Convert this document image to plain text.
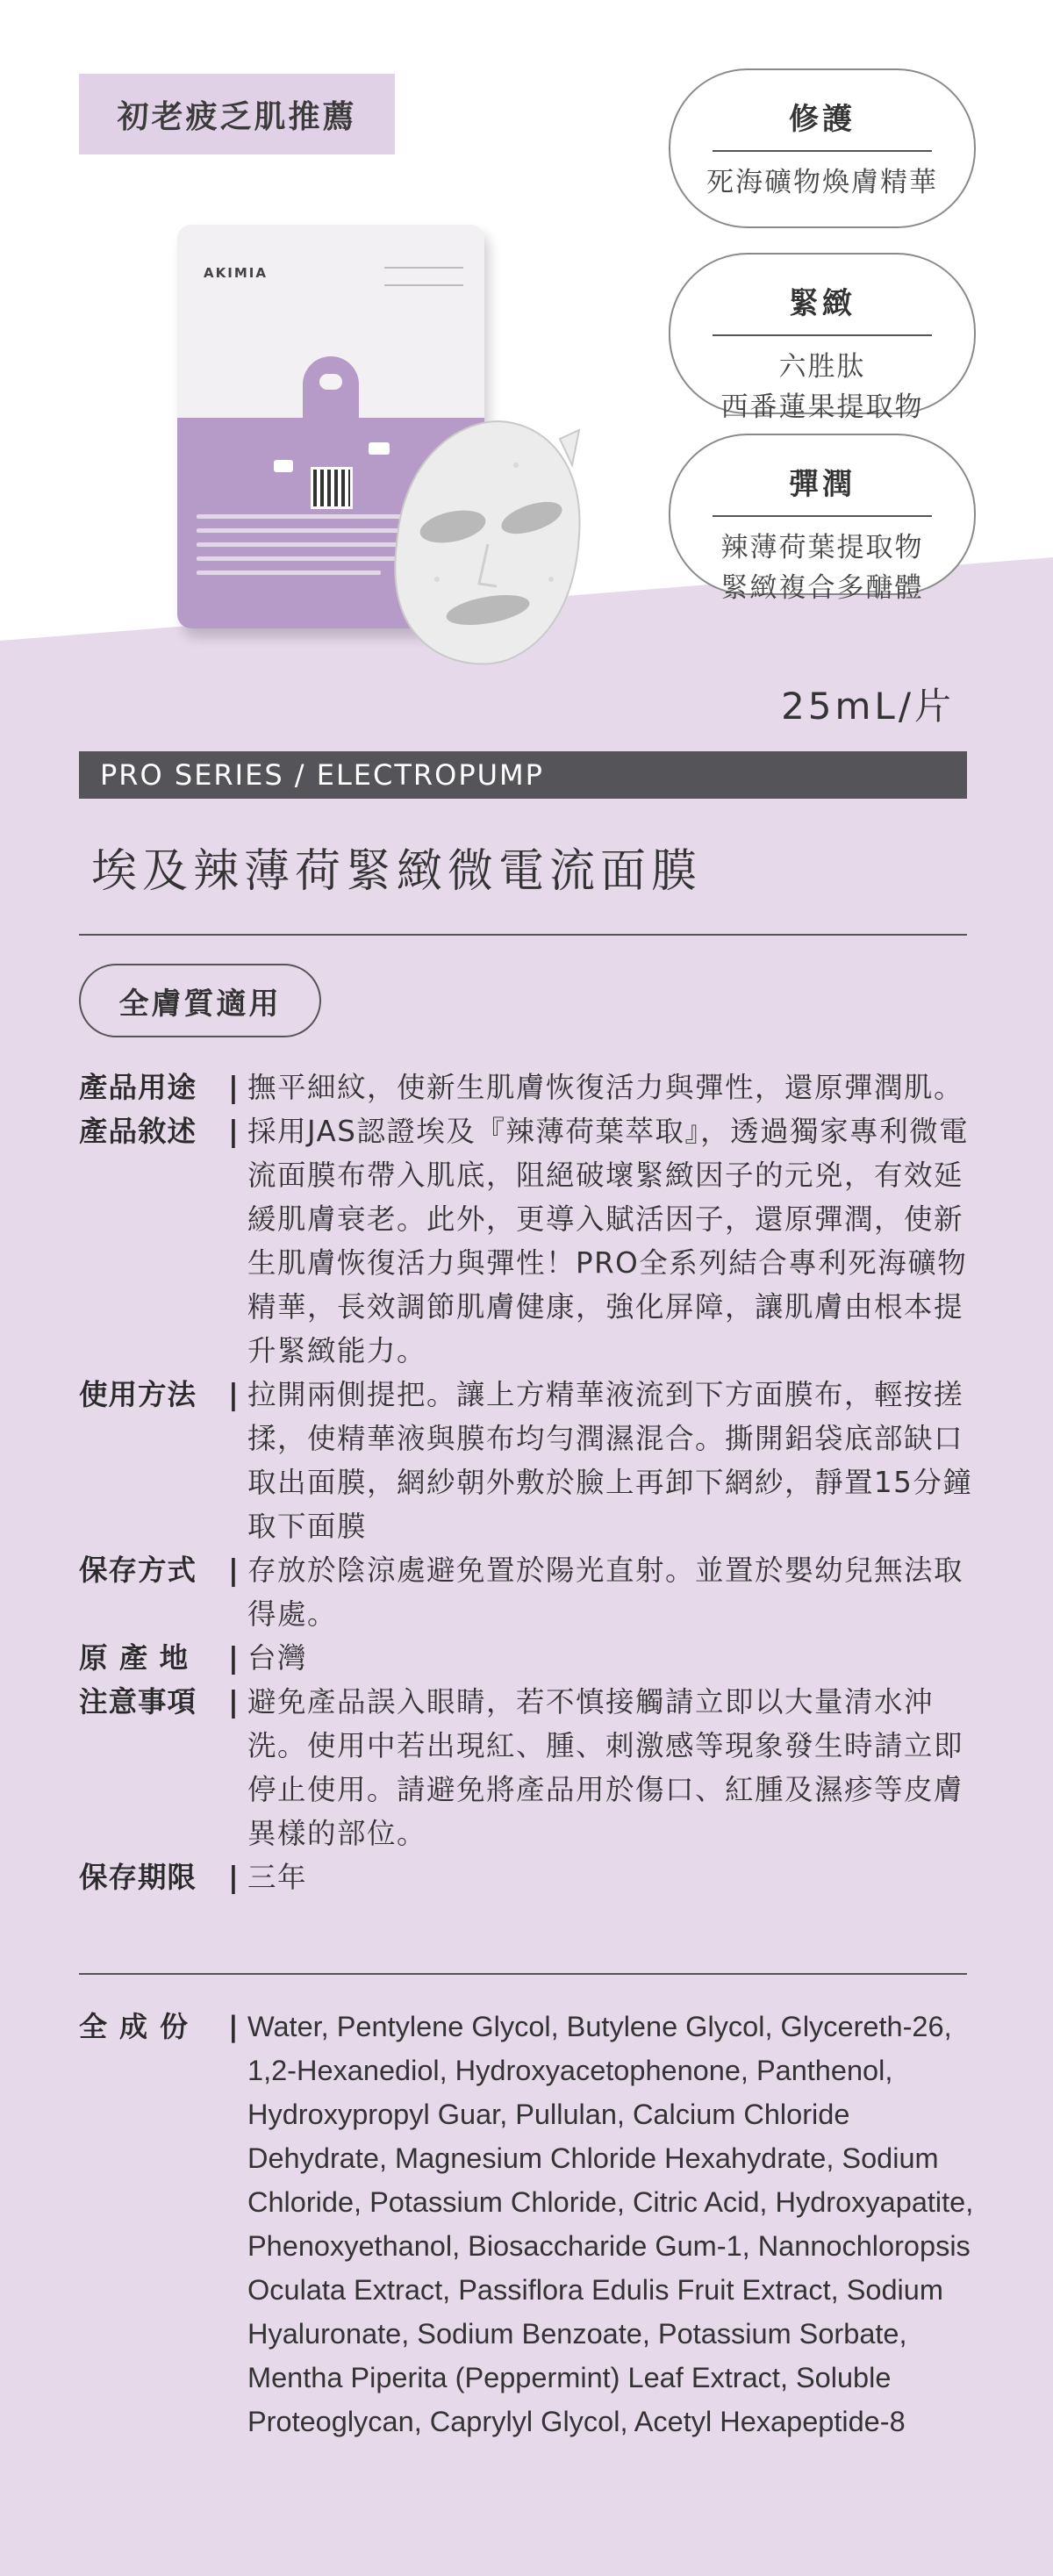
初老疲乏肌推薦	修護
死海礦物煥膚精華
緊緻
六胜肽
西番蓮果提取物
彈潤
辣薄荷葉提取物
緊緻複合多醣體
AKIMIA
25mL/片
PRO SERIES / ELECTROPUMP
埃及辣薄荷緊緻微電流面膜
全膚質適用
產品用途	| 撫平細紋，使新生肌膚恢復活力與彈性，還原彈潤肌。
產品敘述	| 採用JAS認證埃及『辣薄荷葉萃取』，透過獨家專利微電流面膜布帶入肌底，阻絕破壞緊緻因子的元兇，有效延緩肌膚衰老。此外，更導入賦活因子，還原彈潤，使新生肌膚恢復活力與彈性！PRO全系列結合專利死海礦物精華，長效調節肌膚健康，強化屏障，讓肌膚由根本提升緊緻能力。
使用方法	| 拉開兩側提把。讓上方精華液流到下方面膜布，輕按搓揉，使精華液與膜布均勻潤濕混合。撕開鋁袋底部缺口取出面膜，網紗朝外敷於臉上再卸下網紗，靜置15分鐘取下面膜
保存方式	| 存放於陰涼處避免置於陽光直射。並置於嬰幼兒無法取得處。
原 產 地	| 台灣
注意事項	| 避免產品誤入眼睛，若不慎接觸請立即以大量清水沖洗。使用中若出現紅、腫、刺激感等現象發生時請立即停止使用。請避免將產品用於傷口、紅腫及濕疹等皮膚異樣的部位。
保存期限	| 三年
全成份 | Water, Pentylene Glycol, Butylene Glycol, Glycereth-26, 1,2-Hexanediol, Hydroxyacetophenone, Panthenol, Hydroxypropyl Guar, Pullulan, Calcium Chloride Dehydrate, Magnesium Chloride Hexahydrate, Sodium Chloride, Potassium Chloride, Citric Acid, Hydroxyapatite, Phenoxyethanol, Biosaccharide Gum-1, Nannochloropsis Oculata Extract, Passiflora Edulis Fruit Extract, Sodium Hyaluronate, Sodium Benzoate, Potassium Sorbate, Mentha Piperita (Peppermint) Leaf Extract, Soluble Proteoglycan, Caprylyl Glycol, Acetyl Hexapeptide-8
